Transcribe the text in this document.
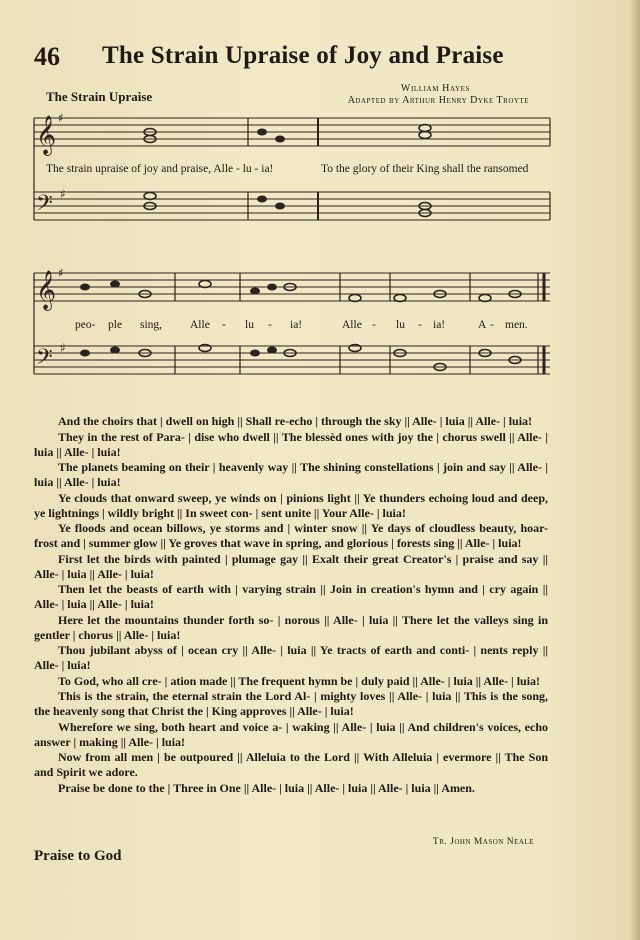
46 The Strain Upraise of Joy and Praise
The Strain Upraise
William Hayes
Adapted by Arthur Henry Dyke Troyte
𝄞
𝄢
𝄞
𝄢
♯
♯
♯
♯
The strain upraise of joy and praise, Alle - lu - ia!	To the glory of their King shall the ransomed
peo- ple sing, Alle - lu - ia!	Alle - lu - ia!	A - men.

And the choirs that | dwell on high || Shall re-echo | through the sky || Alle- | luia || Alle- | luia!

They in the rest of Para- | dise who dwell || The blessèd ones with joy the | chorus swell || Alle- | luia || Alle- | luia!

The planets beaming on their | heavenly way || The shining constellations | join and say || Alle- | luia || Alle- | luia!

Ye clouds that onward sweep, ye winds on | pinions light || Ye thunders echoing loud and deep, ye lightnings | wildly bright || In sweet con- | sent unite || Your Alle- | luia!

Ye floods and ocean billows, ye storms and | winter snow || Ye days of cloudless beauty, hoar-frost and | summer glow || Ye groves that wave in spring, and glorious | forests sing || Alle- | luia!

First let the birds with painted | plumage gay || Exalt their great Creator's | praise and say || Alle- | luia || Alle- | luia!

Then let the beasts of earth with | varying strain || Join in creation's hymn and | cry again || Alle- | luia || Alle- | luia!

Here let the mountains thunder forth so- | norous || Alle- | luia || There let the valleys sing in gentler | chorus || Alle- | luia!

Thou jubilant abyss of | ocean cry || Alle- | luia || Ye tracts of earth and conti- | nents reply || Alle- | luia!

To God, who all cre- | ation made || The frequent hymn be | duly paid || Alle- | luia || Alle- | luia!

This is the strain, the eternal strain the Lord Al- | mighty loves || Alle- | luia || This is the song, the heavenly song that Christ the | King approves || Alle- | luia!

Wherefore we sing, both heart and voice a- | waking || Alle- | luia || And children's voices, echo answer | making || Alle- | luia!

Now from all men | be outpoured || Alleluia to the Lord || With Alleluia | evermore || The Son and Spirit we adore.

Praise be done to the | Three in One || Alle- | luia || Alle- | luia || Alle- | luia || Amen.

Tr. John Mason Neale
Praise to God
